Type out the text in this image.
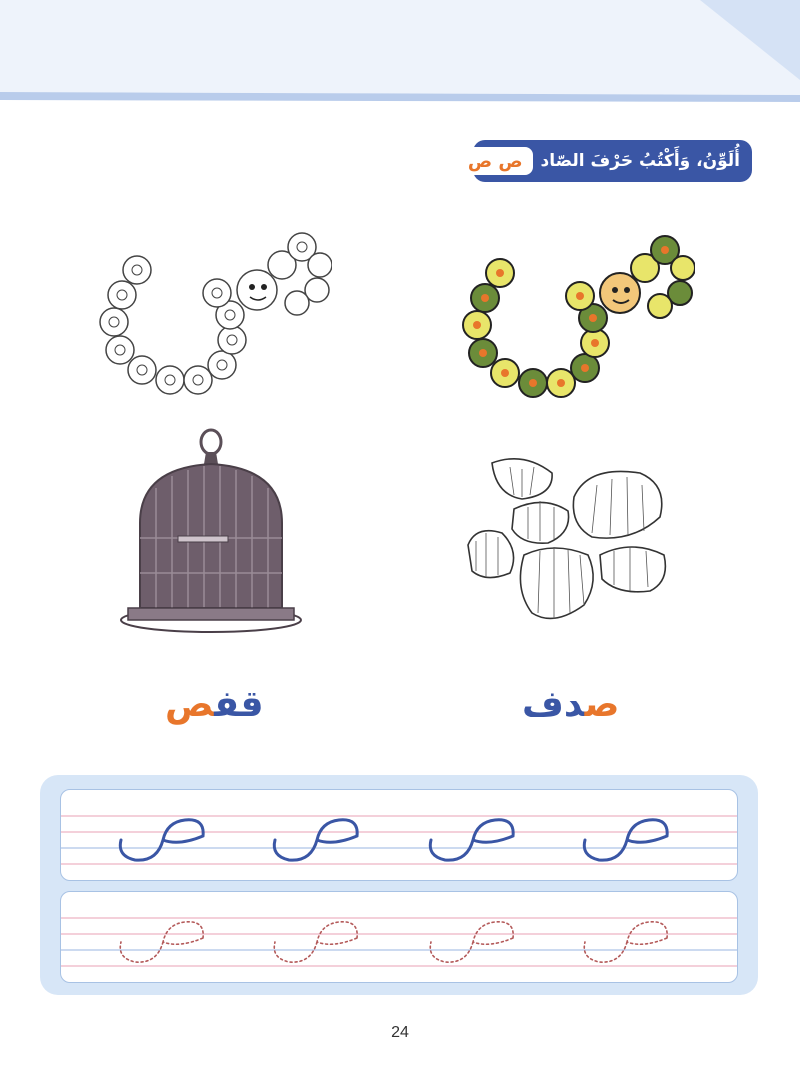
ص ص	أُلَوِّنُ، وَأَكْتُبُ حَرْفَ الصّاد
صدف
قفص
24
